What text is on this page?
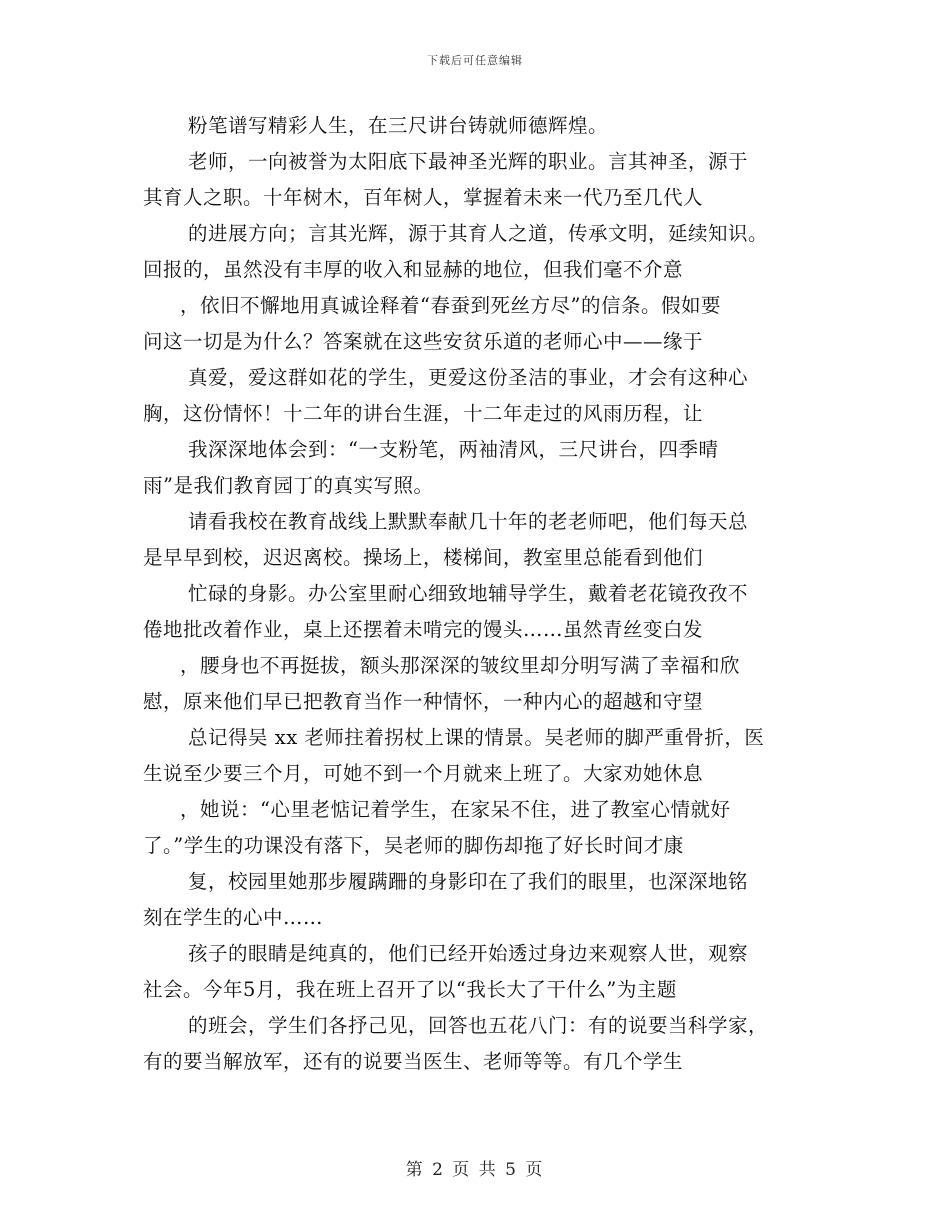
下载后可任意编辑
粉笔谱写精彩人生，在三尺讲台铸就师德辉煌。
老师，一向被誉为太阳底下最神圣光辉的职业。言其神圣，源于
其育人之职。十年树木，百年树人，掌握着未来一代乃至几代人
的进展方向；言其光辉，源于其育人之道，传承文明，延续知识。
回报的，虽然没有丰厚的收入和显赫的地位，但我们毫不介意
，依旧不懈地用真诚诠释着“春蚕到死丝方尽”的信条。假如要
问这一切是为什么？答案就在这些安贫乐道的老师心中——缘于
真爱，爱这群如花的学生，更爱这份圣洁的事业，才会有这种心
胸，这份情怀！十二年的讲台生涯，十二年走过的风雨历程，让
我深深地体会到：“一支粉笔，两袖清风，三尺讲台，四季晴
雨”是我们教育园丁的真实写照。
请看我校在教育战线上默默奉献几十年的老老师吧，他们每天总
是早早到校，迟迟离校。操场上，楼梯间，教室里总能看到他们
忙碌的身影。办公室里耐心细致地辅导学生，戴着老花镜孜孜不
倦地批改着作业，桌上还摆着未啃完的馒头……虽然青丝变白发
，腰身也不再挺拔，额头那深深的皱纹里却分明写满了幸福和欣
慰，原来他们早已把教育当作一种情怀，一种内心的超越和守望
总记得吴 xx 老师拄着拐杖上课的情景。吴老师的脚严重骨折，医
生说至少要三个月，可她不到一个月就来上班了。大家劝她休息
，她说：“心里老惦记着学生，在家呆不住，进了教室心情就好
了。”学生的功课没有落下，吴老师的脚伤却拖了好长时间才康
复，校园里她那步履蹒跚的身影印在了我们的眼里，也深深地铭
刻在学生的心中……
孩子的眼睛是纯真的，他们已经开始透过身边来观察人世，观察
社会。今年5月，我在班上召开了以“我长大了干什么”为主题
的班会，学生们各抒己见，回答也五花八门：有的说要当科学家，
有的要当解放军，还有的说要当医生、老师等等。有几个学生
第 2 页 共 5 页
